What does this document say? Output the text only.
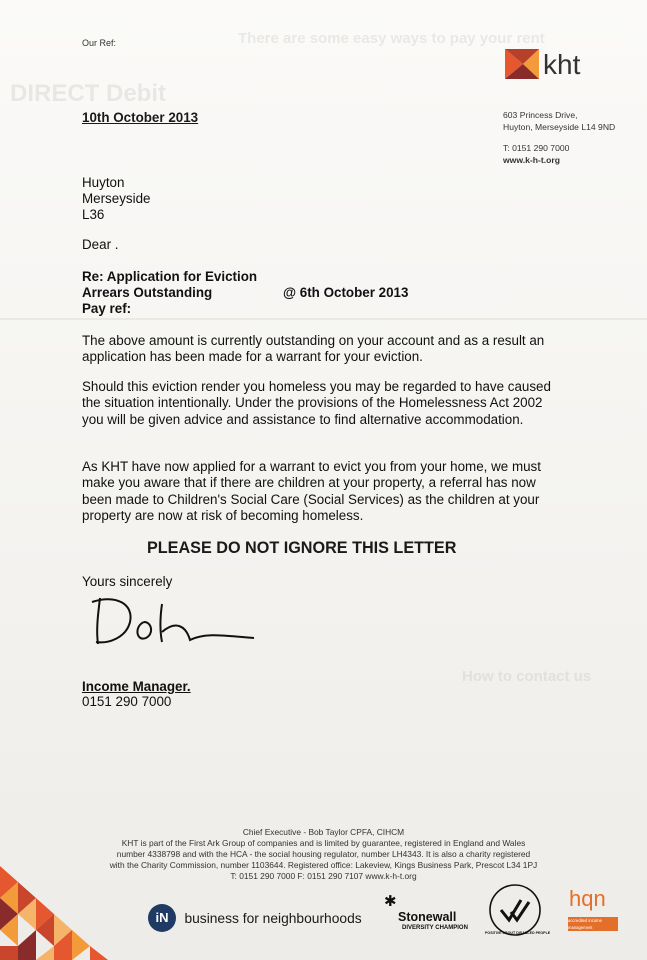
There are some easy ways to pay your rent
DIRECT Debit
How to contact us
Our Ref:
kht
10th October 2013	603 Princess Drive,
Huyton, Merseyside L14 9ND
T: 0151 290 7000
www.k-h-t.org
Huyton
Merseyside
L36
Dear .
Re: Application for Eviction
Arrears Outstanding	@ 6th October 2013
Pay ref:
The above amount is currently outstanding on your account and as a result an application has been made for a warrant for your eviction.
Should this eviction render you homeless you may be regarded to have caused the situation intentionally. Under the provisions of the Homelessness Act 2002 you will be given advice and assistance to find alternative accommodation.
As KHT have now applied for a warrant to evict you from your home, we must make you aware that if there are children at your property, a referral has now been made to Children's Social Care (Social Services) as the children at your property are now at risk of becoming homeless.
PLEASE DO NOT IGNORE THIS LETTER
Yours sincerely
Income Manager.
0151 290 7000
Chief Executive - Bob Taylor CPFA, CIHCM
KHT is part of the First Ark Group of companies and is limited by guarantee, registered in England and Wales
number 4338798 and with the HCA - the social housing regulator, number LH4343. It is also a charity registered
with the Charity Commission, number 1103644. Registered office: Lakeview, Kings Business Park, Prescot L34 1PJ
T: 0151 290 7000 F: 0151 290 7107 www.k-h-t.org
iN business for neighbourhoods
✱
Stonewall
DIVERSITY CHAMPION
POSITIVE ABOUT DISABLED PEOPLE
hqn
accredited income management
